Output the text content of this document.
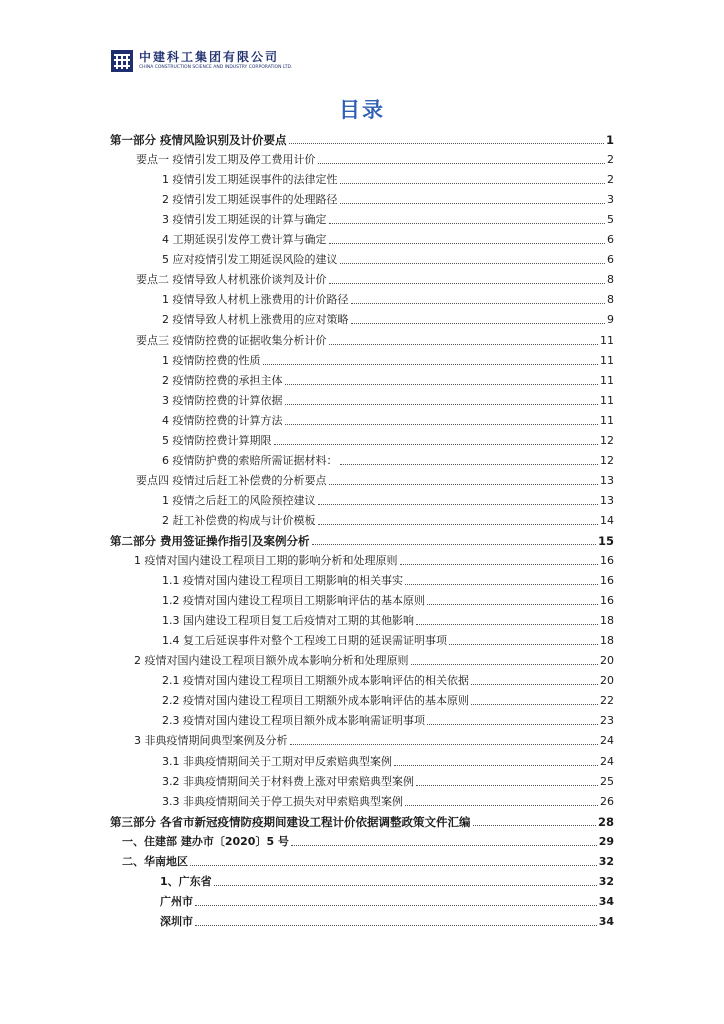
中建科工集团有限公司
CHINA CONSTRUCTION SCIENCE AND INDUSTRY CORPORATION LTD.
目录
第一部分 疫情风险识别及计价要点	1
要点一 疫情引发工期及停工费用计价	2
1 疫情引发工期延误事件的法律定性	2
2 疫情引发工期延误事件的处理路径	3
3 疫情引发工期延误的计算与确定	5
4 工期延误引发停工费计算与确定	6
5 应对疫情引发工期延误风险的建议	6
要点二 疫情导致人材机涨价谈判及计价	8
1 疫情导致人材机上涨费用的计价路径	8
2 疫情导致人材机上涨费用的应对策略	9
要点三 疫情防控费的证据收集分析计价	11
1 疫情防控费的性质	11
2 疫情防控费的承担主体	11
3 疫情防控费的计算依据	11
4 疫情防控费的计算方法	11
5 疫情防控费计算期限	12
6 疫情防护费的索赔所需证据材料：	12
要点四 疫情过后赶工补偿费的分析要点	13
1 疫情之后赶工的风险预控建议	13
2 赶工补偿费的构成与计价模板	14
第二部分 费用签证操作指引及案例分析	15
1 疫情对国内建设工程项目工期的影响分析和处理原则	16
1.1 疫情对国内建设工程项目工期影响的相关事实	16
1.2 疫情对国内建设工程项目工期影响评估的基本原则	16
1.3 国内建设工程项目复工后疫情对工期的其他影响	18
1.4 复工后延误事件对整个工程竣工日期的延误需证明事项	18
2 疫情对国内建设工程项目额外成本影响分析和处理原则	20
2.1 疫情对国内建设工程项目工期额外成本影响评估的相关依据	20
2.2 疫情对国内建设工程项目工期额外成本影响评估的基本原则	22
2.3 疫情对国内建设工程项目额外成本影响需证明事项	23
3 非典疫情期间典型案例及分析	24
3.1 非典疫情期间关于工期对甲反索赔典型案例	24
3.2 非典疫情期间关于材料费上涨对甲索赔典型案例	25
3.3 非典疫情期间关于停工损失对甲索赔典型案例	26
第三部分 各省市新冠疫情防疫期间建设工程计价依据调整政策文件汇编	28
一、住建部 建办市〔2020〕5 号	29
二、华南地区	32
1、广东省	32
广州市	34
深圳市	34
